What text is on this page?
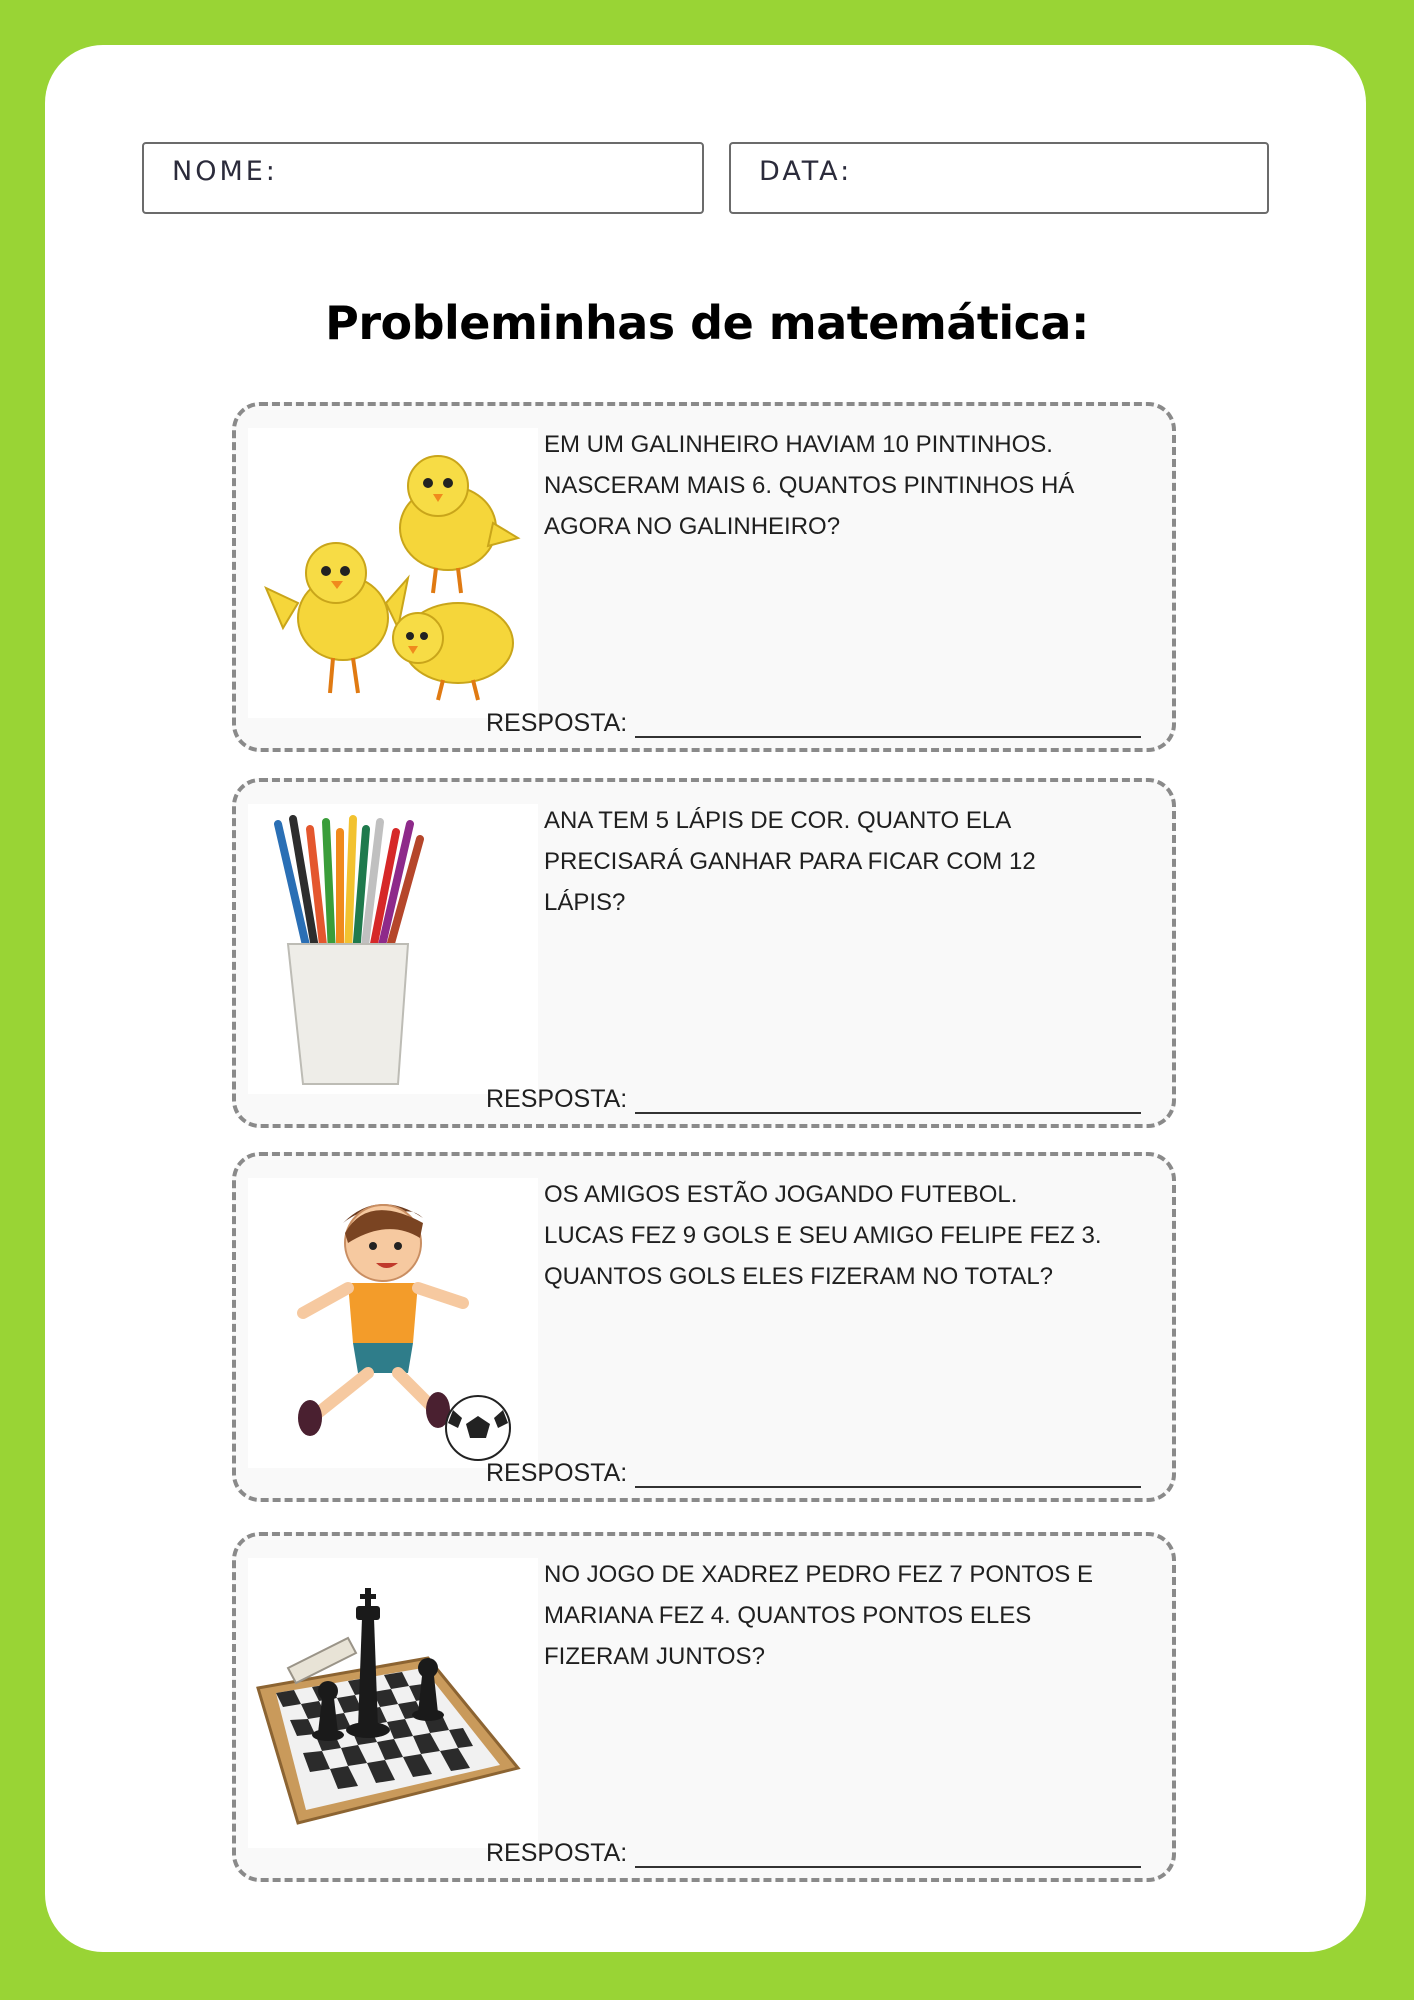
NOME:	DATA:
Probleminhas de matemática:
EM UM GALINHEIRO HAVIAM 10 PINTINHOS.
NASCERAM MAIS 6. QUANTOS PINTINHOS HÁ
AGORA NO GALINHEIRO?
RESPOSTA:
ANA TEM 5 LÁPIS DE COR. QUANTO ELA
PRECISARÁ GANHAR PARA FICAR COM 12
LÁPIS?
RESPOSTA:
OS AMIGOS ESTÃO JOGANDO FUTEBOL.
LUCAS FEZ 9 GOLS E SEU AMIGO FELIPE FEZ 3.
QUANTOS GOLS ELES FIZERAM NO TOTAL?
RESPOSTA:
NO JOGO DE XADREZ PEDRO FEZ 7 PONTOS E
MARIANA FEZ 4. QUANTOS PONTOS ELES
FIZERAM JUNTOS?
RESPOSTA:
